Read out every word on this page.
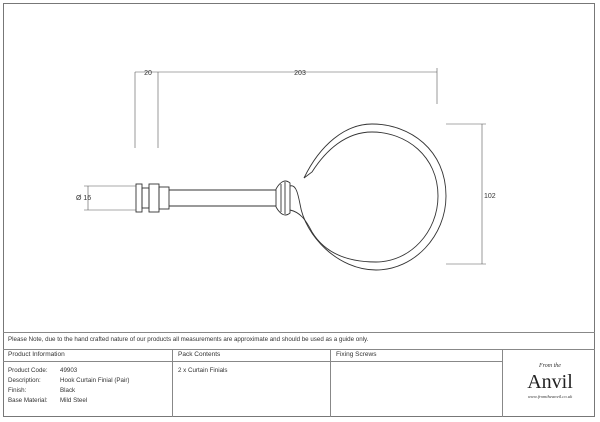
20	203
102
Ø 16
Please Note, due to the hand crafted nature of our products all measurements are approximate and should be used as a guide only.
Product Information	Pack Contents	Fixing Screws
Product Code: 49903
Description:	Hook Curtain Finial (Pair)
Finish:	Black
Base Material: Mild Steel
2 x Curtain Finials
From the
Anvil
www.fromtheanvil.co.uk
